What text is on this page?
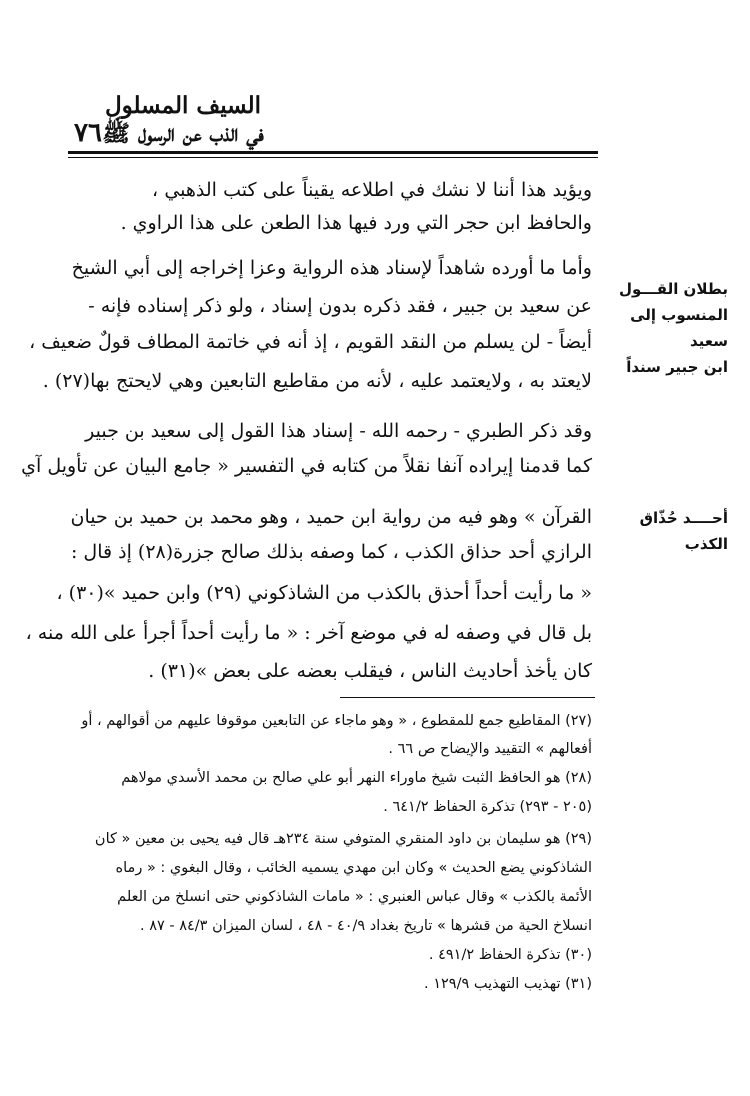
٧٦
السيف المسلول
في الذب عن الرسول ﷺ
ويؤيد هذا أننا لا نشك في اطلاعه يقيناً على كتب الذهبي ،
والحافظ ابن حجر التي ورد فيها هذا الطعن على هذا الراوي .
وأما ما أورده شاهداً لإسناد هذه الرواية وعزا إخراجه إلى أبي الشيخ
عن سعيد بن جبير ، فقد ذكره بدون إسناد ، ولو ذكر إسناده فإنه -
أيضاً - لن يسلم من النقد القويم ، إذ أنه في خاتمة المطاف قولٌ ضعيف ،
لايعتد به ، ولايعتمد عليه ، لأنه من مقاطيع التابعين وهي لايحتج بها(٢٧) .
وقد ذكر الطبري - رحمه الله - إسناد هذا القول إلى سعيد بن جبير
كما قدمنا إيراده آنفا نقلاً من كتابه في التفسير « جامع البيان عن تأويل آي
القرآن » وهو فيه من رواية ابن حميد ، وهو محمد بن حميد بن حيان
الرازي أحد حذاق الكذب ، كما وصفه بذلك صالح جزرة(٢٨) إذ قال :
« ما رأيت أحداً أحذق بالكذب من الشاذكوني (٢٩) وابن حميد »(٣٠) ،
بل قال في وصفه له في موضع آخر : « ما رأيت أحداً أجرأ على الله منه ،
كان يأخذ أحاديث الناس ، فيقلب بعضه على بعض »(٣١) .
بطلان القـــول
المنسوب إلى سعيد
ابن جبير سنداً
أحــــد حُذّاق
الكذب
(٢٧) المقاطيع جمع للمقطوع ، « وهو ماجاء عن التابعين موقوفا عليهم من أقوالهم ، أو
أفعالهم » التقييد والإيضاح ص ٦٦ .
(٢٨) هو الحافظ الثبت شيخ ماوراء النهر أبو علي صالح بن محمد الأسدي مولاهم
(٢٠٥ - ٢٩٣) تذكرة الحفاظ ٦٤١/٢ .
(٢٩) هو سليمان بن داود المنقري المتوفي سنة ٢٣٤هـ قال فيه يحيى بن معين « كان
الشاذكوني يضع الحديث » وكان ابن مهدي يسميه الخائب ، وقال البغوي : « رماه
الأئمة بالكذب » وقال عباس العنبري : « مامات الشاذكوني حتى انسلخ من العلم
انسلاخ الحية من قشرها » تاريخ بغداد ٤٠/٩ - ٤٨ ، لسان الميزان ٨٤/٣ - ٨٧ .
(٣٠) تذكرة الحفاظ ٤٩١/٢ .
(٣١) تهذيب التهذيب ١٢٩/٩ .
